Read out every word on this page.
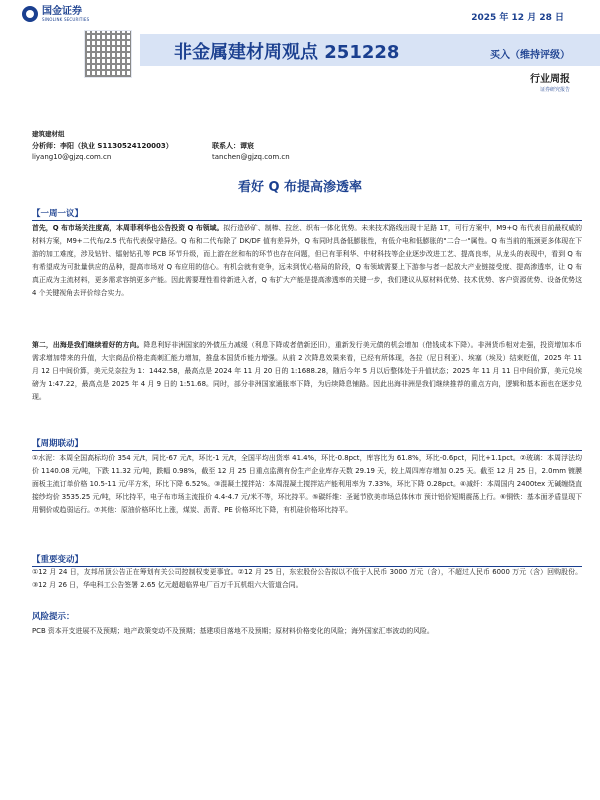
国金证券
SINOLINK SECURITIES	2025 年 12 月 28 日
非金属建材周观点 251228	买入（维持评级）
行业周报
证券研究报告
建筑建材组
分析师：李阳（执业 S1130524120003）	联系人：谭宸
liyang10@gjzq.com.cn	tanchen@gjzq.com.cn
看好 Q 布提高渗透率
【一周一议】
首先，Q 布市场关注度高，本周菲利华也公告投资 Q 布领域。拟行造砂矿、制棒、拉丝、织布一体化优势。未来技术路线出现十足路 1T，可行方案中，M9+Q 布代表目前最权威的材料方案，M9+二代布/2.5 代布代表保守路径。Q 布和二代布除了 DK/DF 值有差异外，Q 布同时具备低膨胀性，有低介电和低膨胀的"二合一"属性。Q 布当前的瓶颈更多体现在下游的加工难度，涉及钻针、镭射钻孔等 PCB 环节升级，而上游在丝和布的环节也存在问题，但已有菲利华、中材科技等企业逐步改进工艺、提高良率，从龙头的表现中，看到 Q 布有希望成为可批量供应的品种，提高市场对 Q 布应用的信心。有机会就有竞争，远未到忧心格局的阶段，Q 布领域需要上下游参与者一起放大产业链接受度、提高渗透率，让 Q 布真正成为主流材料，更多需求容纳更多产能。因此需要理性看待新进入者，Q 布扩大产能是提高渗透率的关键一步，我们建议从原材料优势、技术优势、客户资源优势、设备优势这 4 个关键视角去评价综合实力。
第二，出海是我们继续看好的方向。降息利好非洲国家的外债压力减缓（利息下降或者借新还旧），重新发行美元债的机会增加（借钱成本下降）。非洲货币相对走强，投资增加本币需求增加带来的升值，大宗商品价格走高刺汇能力增加，推盘本国货币能力增强。从前 2 次降息效果来看，已经有所体现，各拉（尼日利亚）、埃塞（埃及）结束贬值，2025 年 11 月 12 日中间价算，美元兑奈拉为 1：1442.58，最高点是 2024 年 11 月 20 日的 1:1688.28，随后今年 5 月以后整体处于升值状态；2025 年 11 月 11 日中间价算，美元兑埃磅为 1:47.22，最高点是 2025 年 4 月 9 日的 1:51.68。同时，部分非洲国家通胀率下降，为后续降息铺路。因此出海非洲是我们继续推荐的重点方向，逻辑和基本面也在逐步兑现。
【周期联动】
①水泥：本周全国高标均价 354 元/t，同比-67 元/t，环比-1 元/t，全国平均出货率 41.4%，环比-0.8pct，库容比为 61.8%，环比-0.6pct，同比+1.1pct。②玻璃：本周浮法均价 1140.08 元/吨，下跌 11.32 元/吨，跌幅 0.98%，截至 12 月 25 日重点监测有份生产企业库存天数 29.19 天，较上周四库存增加 0.25 天。截至 12 月 25 日，2.0mm 镀膜面板主流订单价格 10.5-11 元/平方米，环比下降 6.52%。③混凝土搅拌站：本周混凝土搅拌站产能利用率为 7.33%，环比下降 0.28pct。④减纤：本周国内 2400tex 无碱缠绕直接纱均价 3535.25 元/吨，环比持平，电子布市场主流报价 4.4-4.7 元/米不等，环比持平。⑤碳纤维：圣诞节欧美市场总体休市 预计铝价短期震荡上行。⑥铜铁：基本面矛盾显现下用铜价或趋弱运行。⑦其他：原油价格环比上涨，煤炭、沥青、PE 价格环比下降，有机硅价格环比持平。
【重要变动】
①12 月 24 日，友邦吊顶公告正在筹划有关公司控制权变更事宜。②12 月 25 日，东宏股份公告拟以不低于人民币 3000 万元（含），不超过人民币 6000 万元（含）回购股份。③12 月 26 日，华电科工公告签署 2.65 亿元超超临界电厂百万千瓦机组六大管道合同。
风险提示：
PCB 资本开支进展不及预期；地产政策变动不及预期；基建项目落地不及预期；原材料价格变化的风险；海外国家汇率波动的风险。
